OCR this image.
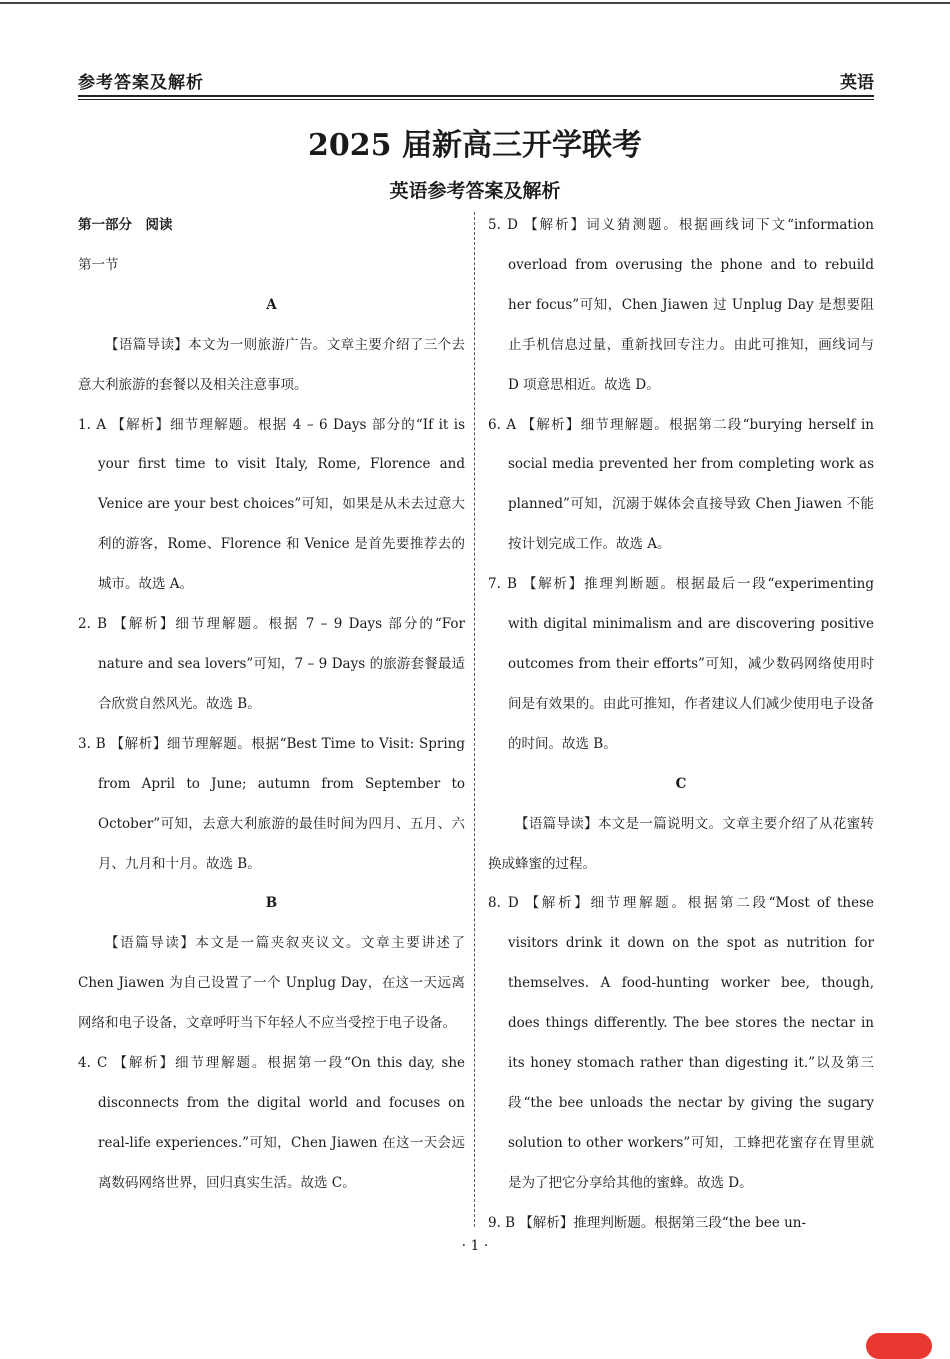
参考答案及解析	英语
2025 届新高三开学联考
英语参考答案及解析

第一部分　阅读

第一节

A

【语篇导读】本文为一则旅游广告。文章主要介绍了三个去意大利旅游的套餐以及相关注意事项。

1. A 【解析】细节理解题。根据 4 – 6 Days 部分的“If it is your first time to visit Italy, Rome, Florence and Venice are your best choices”可知，如果是从未去过意大利的游客，Rome、Florence 和 Venice 是首先要推荐去的城市。故选 A。

2. B 【解析】细节理解题。根据 7 – 9 Days 部分的“For nature and sea lovers”可知，7 – 9 Days 的旅游套餐最适合欣赏自然风光。故选 B。

3. B 【解析】细节理解题。根据“Best Time to Visit: Spring from April to June; autumn from September to October”可知，去意大利旅游的最佳时间为四月、五月、六月、九月和十月。故选 B。

B

【语篇导读】本文是一篇夹叙夹议文。文章主要讲述了 Chen Jiawen 为自己设置了一个 Unplug Day，在这一天远离网络和电子设备，文章呼吁当下年轻人不应当受控于电子设备。

4. C 【解析】细节理解题。根据第一段“On this day, she disconnects from the digital world and focuses on real-life experiences.”可知，Chen Jiawen 在这一天会远离数码网络世界，回归真实生活。故选 C。

5. D 【解析】词义猜测题。根据画线词下文“information overload from overusing the phone and to rebuild her focus”可知，Chen Jiawen 过 Unplug Day 是想要阻止手机信息过量，重新找回专注力。由此可推知，画线词与 D 项意思相近。故选 D。

6. A 【解析】细节理解题。根据第二段“burying herself in social media prevented her from completing work as planned”可知，沉溺于媒体会直接导致 Chen Jiawen 不能按计划完成工作。故选 A。

7. B 【解析】推理判断题。根据最后一段“experimenting with digital minimalism and are discovering positive outcomes from their efforts”可知，减少数码网络使用时间是有效果的。由此可推知，作者建议人们减少使用电子设备的时间。故选 B。

C

【语篇导读】本文是一篇说明文。文章主要介绍了从花蜜转换成蜂蜜的过程。

8. D 【解析】细节理解题。根据第二段“Most of these visitors drink it down on the spot as nutrition for themselves. A food-hunting worker bee, though, does things differently. The bee stores the nectar in its honey stomach rather than digesting it.”以及第三段“the bee unloads the nectar by giving the sugary solution to other workers”可知，工蜂把花蜜存在胃里就是为了把它分享给其他的蜜蜂。故选 D。

9. B 【解析】推理判断题。根据第三段“the bee un-

· 1 ·
